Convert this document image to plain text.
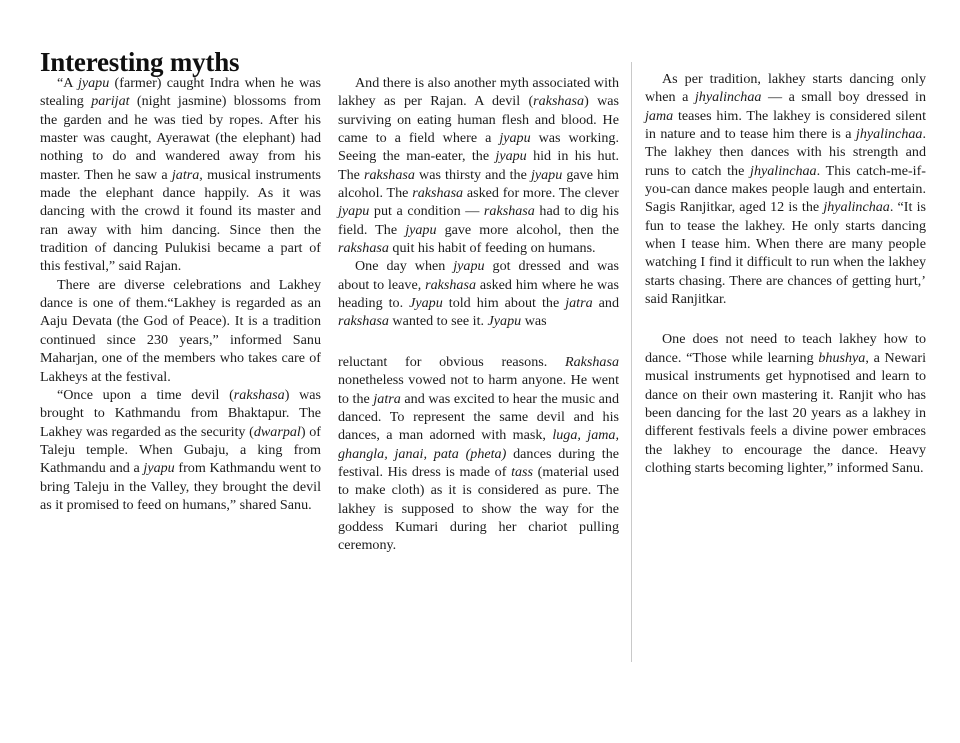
Interesting myths

“A jyapu (farmer) caught Indra when he was stealing parijat (night jasmine) blossoms from the garden and he was tied by ropes. After his master was caught, Ayerawat (the elephant) had nothing to do and wandered away from his master. Then he saw a jatra, musical instruments made the elephant dance happily. As it was dancing with the crowd it found its master and ran away with him dancing. Since then the tradition of dancing Pulukisi became a part of this festival,” said Rajan.

There are diverse celebrations and Lakhey dance is one of them.“Lakhey is regarded as an Aaju Devata (the God of Peace). It is a tradition continued since 230 years,” informed Sanu Maharjan, one of the members who takes care of Lakheys at the festival.

“Once upon a time devil (rakshasa) was brought to Kathmandu from Bhaktapur. The Lakhey was regarded as the security (dwarpal) of Taleju temple. When Gubaju, a king from Kathmandu and a jyapu from Kathmandu went to bring Taleju in the Valley, they brought the devil as it promised to feed on humans,” shared Sanu.

And there is also another myth associated with lakhey as per Rajan. A devil (rakshasa) was surviving on eating human flesh and blood. He came to a field where a jyapu was working. Seeing the man-eater, the jyapu hid in his hut. The rakshasa was thirsty and the jyapu gave him alcohol. The rakshasa asked for more. The clever jyapu put a condition — rakshasa had to dig his field. The jyapu gave more alcohol, then the rakshasa quit his habit of feeding on humans.

One day when jyapu got dressed and was about to leave, rakshasa asked him where he was heading to. Jyapu told him about the jatra and rakshasa wanted to see it. Jyapu was

reluctant for obvious reasons. Rakshasa nonetheless vowed not to harm anyone. He went to the jatra and was excited to hear the music and danced. To represent the same devil and his dances, a man adorned with mask, luga, jama, ghangla, janai, pata (pheta) dances during the festival. His dress is made of tass (material used to make cloth) as it is considered as pure. The lakhey is supposed to show the way for the goddess Kumari during her chariot pulling ceremony.

As per tradition, lakhey starts dancing only when a jhyalinchaa — a small boy dressed in jama teases him. The lakhey is considered silent in nature and to tease him there is a jhyalinchaa. The lakhey then dances with his strength and runs to catch the jhyalinchaa. This catch-me-if-you-can dance makes people laugh and entertain. Sagis Ranjitkar, aged 12 is the jhyalinchaa. “It is fun to tease the lakhey. He only starts dancing when I tease him. When there are many people watching I find it difficult to run when the lakhey starts chasing. There are chances of getting hurt,’ said Ranjitkar.

One does not need to teach lakhey how to dance. “Those while learning bhushya, a Newari musical instruments get hypnotised and learn to dance on their own mastering it. Ranjit who has been dancing for the last 20 years as a lakhey in different festivals feels a divine power embraces the lakhey to encourage the dance. Heavy clothing starts becoming lighter,” informed Sanu.
